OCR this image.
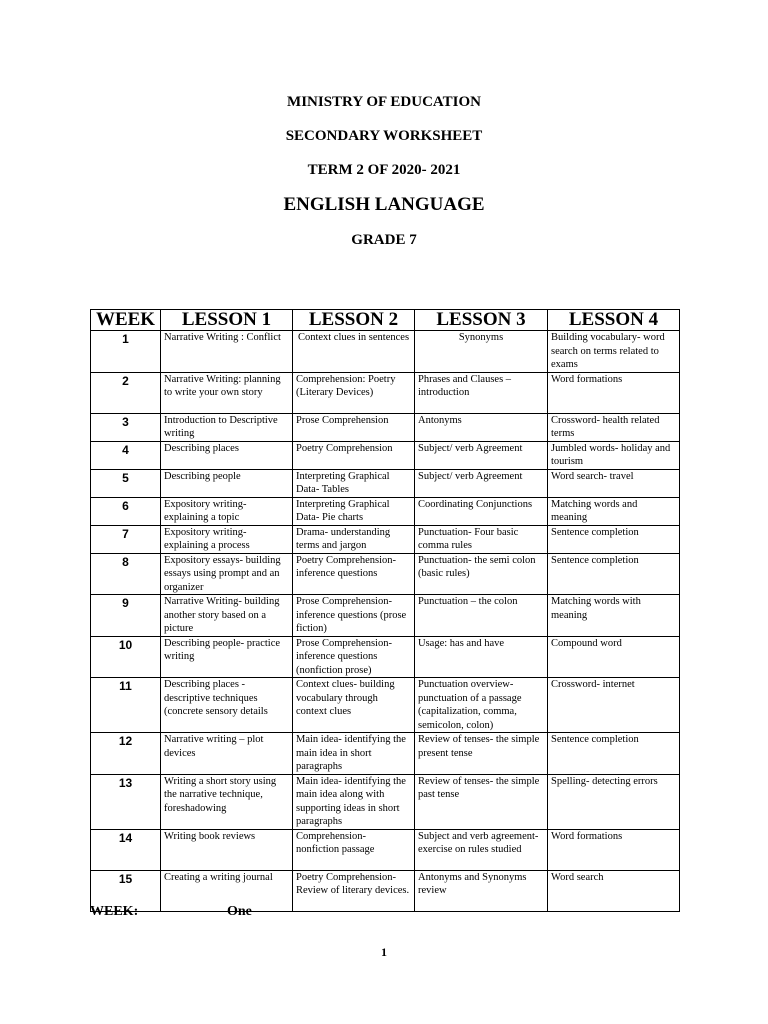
MINISTRY OF EDUCATION
SECONDARY WORKSHEET
TERM 2 OF 2020- 2021
ENGLISH LANGUAGE
GRADE 7
WEEK	LESSON 1	LESSON 2	LESSON 3	LESSON 4
1	Narrative Writing : Conflict	Context clues in sentences	Synonyms	Building vocabulary- word search on terms related to exams
2	Narrative Writing: planning to write your own story	Comprehension: Poetry (Literary Devices)	Phrases and Clauses – introduction	Word formations
3	Introduction to Descriptive writing	Prose Comprehension	Antonyms	Crossword- health related terms
4	Describing places	Poetry Comprehension	Subject/ verb Agreement	Jumbled words- holiday and tourism
5	Describing people	Interpreting Graphical Data- Tables	Subject/ verb Agreement	Word search- travel
6	Expository writing- explaining a topic	Interpreting Graphical Data- Pie charts	Coordinating Conjunctions	Matching words and meaning
7	Expository writing- explaining a process	Drama- understanding terms and jargon	Punctuation- Four basic comma rules	Sentence completion
8	Expository essays- building essays using prompt and an organizer	Poetry Comprehension- inference questions	Punctuation- the semi colon (basic rules)	Sentence completion
9	Narrative Writing- building another story based on a picture	Prose Comprehension- inference questions (prose fiction)	Punctuation – the colon	Matching words with meaning
10	Describing people- practice writing	Prose Comprehension- inference questions (nonfiction prose)	Usage: has and have	Compound word
11	Describing places - descriptive techniques (concrete sensory details	Context clues- building vocabulary through context clues	Punctuation overview- punctuation of a passage (capitalization, comma, semicolon, colon)	Crossword- internet
12	Narrative writing – plot devices	Main idea- identifying the main idea in short paragraphs	Review of tenses- the simple present tense	Sentence completion
13	Writing a short story using the narrative technique, foreshadowing	Main idea- identifying the main idea along with supporting ideas in short paragraphs	Review of tenses- the simple past tense	Spelling- detecting errors
14	Writing book reviews	Comprehension- nonfiction passage	Subject and verb agreement- exercise on rules studied	Word formations
15	Creating a writing journal	Poetry Comprehension- Review of literary devices.	Antonyms and Synonyms review	Word search
WEEK:	One
1
